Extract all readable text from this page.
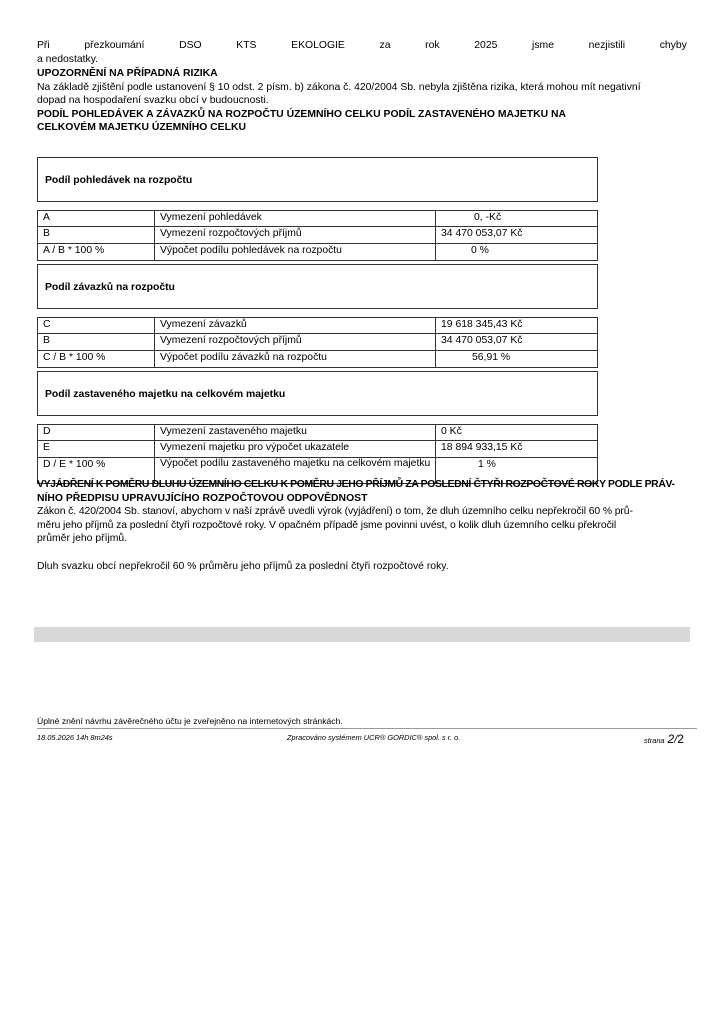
Při	přezkoumání	DSO	KTS	EKOLOGIE	za	rok	2025	jsme	nezjistili	chyby

a nedostatky.

UPOZORNĚNÍ NA PŘÍPADNÁ RIZIKA

Na základě zjištění podle ustanovení § 10 odst. 2 písm. b) zákona č. 420/2004 Sb. nebyla zjištěna rizika, která mohou mít negativní

dopad na hospodaření svazku obcí v budoucnosti.

PODÍL POHLEDÁVEK A ZÁVAZKŮ NA ROZPOČTU ÚZEMNÍHO CELKU PODÍL ZASTAVENÉHO MAJETKU NA

CELKOVÉM MAJETKU ÚZEMNÍHO CELKU

Podíl pohledávek na rozpočtu
A	Vymezení pohledávek	0, -Kč
B	Vymezení rozpočtových příjmů	34 470 053,07 Kč
A / B * 100 %	Výpočet podílu pohledávek na rozpočtu	0 %
Podíl závazků na rozpočtu
C	Vymezení závazků	19 618 345,43 Kč
B	Vymezení rozpočtových příjmů	34 470 053,07 Kč
C / B * 100 %	Výpočet podílu závazků na rozpočtu	56,91 %
Podíl zastaveného majetku na celkovém majetku
D	Vymezení zastaveného majetku	0 Kč
E	Vymezení majetku pro výpočet ukazatele	18 894 933,15 Kč
D / E * 100 %	Výpočet podílu zastaveného majetku na celkovém majetku	1 %

VYJÁDŘENÍ K POMĚRU DLUHU ÚZEMNÍHO CELKU K POMĚRU JEHO PŘÍJMŮ ZA POSLEDNÍ ČTYŘI ROZPOČTOVÉ ROKY PODLE PRÁV-

NÍHO PŘEDPISU UPRAVUJÍCÍHO ROZPOČTOVOU ODPOVĚDNOST

Zákon č. 420/2004 Sb. stanoví, abychom v naší zprávě uvedli výrok (vyjádření) o tom, že dluh územního celku nepřekročil 60 % prů-

měru jeho příjmů za poslední čtyři rozpočtové roky. V opačném případě jsme povinni uvést, o kolik dluh územního celku překročil

průměr jeho příjmů.

Dluh svazku obcí nepřekročil 60 % průměru jeho příjmů za poslední čtyři rozpočtové roky.

Úplné znění návrhu závěrečného účtu je zveřejněno na internetových stránkách.

18.05.2026 14h 8m24s	Zpracováno systémem UCR® GORDIC® spol. s r. o.	strana 2/2
